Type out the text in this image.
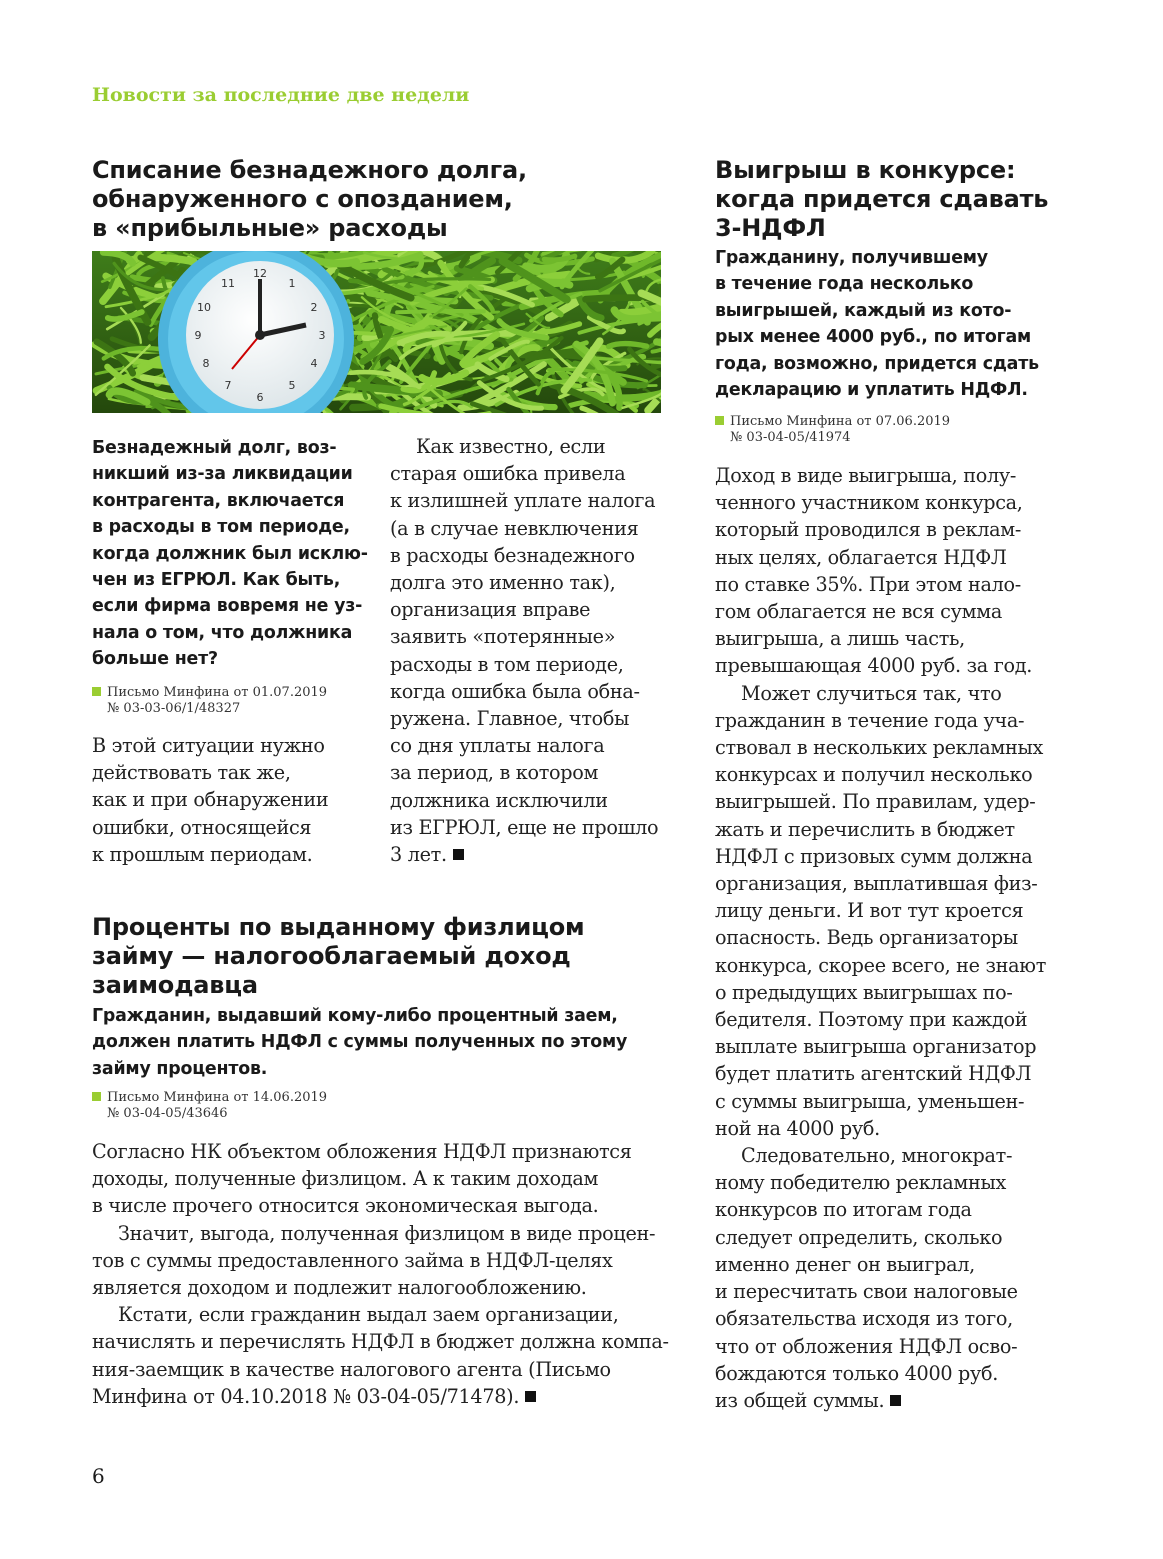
Новости за последние две недели
Списание безнадежного долга,
обнаруженного с опозданием,
в «прибыльные» расходы
12
1
2
3
4
5
6
7
8
9
10
11
Безнадежный долг, воз-
никший из-за ликвидации
контрагента, включается
в расходы в том периоде,
когда должник был исклю-
чен из ЕГРЮЛ. Как быть,
если фирма вовремя не уз-
нала о том, что должника
больше нет?
Письмо Минфина от 01.07.2019
№ 03-03-06/1/48327
В этой ситуации нужно
действовать так же,
как и при обнаружении
ошибки, относящейся
к прошлым периодам.
Как известно, если
старая ошибка привела
к излишней уплате налога
(а в случае невключения
в расходы безнадежного
долга это именно так),
организация вправе
заявить «потерянные»
расходы в том периоде,
когда ошибка была обна-
ружена. Главное, чтобы
со дня уплаты налога
за период, в котором
должника исключили
из ЕГРЮЛ, еще не прошло
3 лет.
Проценты по выданному физлицом
займу — налогооблагаемый доход
заимодавца
Гражданин, выдавший кому-либо процентный заем,
должен платить НДФЛ с суммы полученных по этому
займу процентов.
Письмо Минфина от 14.06.2019
№ 03-04-05/43646
Согласно НК объектом обложения НДФЛ признаются
доходы, полученные физлицом. А к таким доходам
в числе прочего относится экономическая выгода.
Значит, выгода, полученная физлицом в виде процен-
тов с суммы предоставленного займа в НДФЛ-целях
является доходом и подлежит налогообложению.
Кстати, если гражданин выдал заем организации,
начислять и перечислять НДФЛ в бюджет должна компа-
ния-заемщик в качестве налогового агента (Письмо
Минфина от 04.10.2018 № 03-04-05/71478).
Выигрыш в конкурсе:
когда придется сдавать
3-НДФЛ
Гражданину, получившему
в течение года несколько
выигрышей, каждый из кото-
рых менее 4000 руб., по итогам
года, возможно, придется сдать
декларацию и уплатить НДФЛ.
Письмо Минфина от 07.06.2019
№ 03-04-05/41974
Доход в виде выигрыша, полу-
ченного участником конкурса,
который проводился в реклам-
ных целях, облагается НДФЛ
по ставке 35%. При этом нало-
гом облагается не вся сумма
выигрыша, а лишь часть,
превышающая 4000 руб. за год.
Может случиться так, что
гражданин в течение года уча-
ствовал в нескольких рекламных
конкурсах и получил несколько
выигрышей. По правилам, удер-
жать и перечислить в бюджет
НДФЛ с призовых сумм должна
организация, выплатившая физ-
лицу деньги. И вот тут кроется
опасность. Ведь организаторы
конкурса, скорее всего, не знают
о предыдущих выигрышах по-
бедителя. Поэтому при каждой
выплате выигрыша организатор
будет платить агентский НДФЛ
с суммы выигрыша, уменьшен-
ной на 4000 руб.
Следовательно, многократ-
ному победителю рекламных
конкурсов по итогам года
следует определить, сколько
именно денег он выиграл,
и пересчитать свои налоговые
обязательства исходя из того,
что от обложения НДФЛ осво-
бождаются только 4000 руб.
из общей суммы.
6
